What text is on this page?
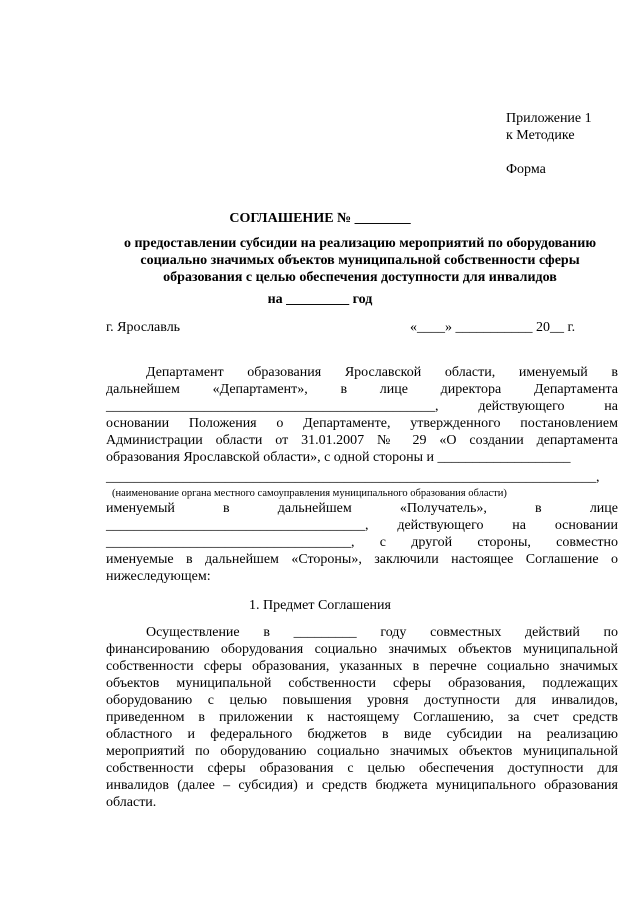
Приложение 1
к Методике
Форма
СОГЛАШЕНИЕ № ________
о предоставлении субсидии на реализацию мероприятий по оборудованию
социально значимых объектов муниципальной собственности сферы
образования с целью обеспечения доступности для инвалидов
на _________ год
г. Ярославль	«____» ___________ 20__ г.
Департамент образования Ярославской области, именуемый в
дальнейшем «Департамент», в лице директора Департамента
_______________________________________________, действующего на
основании Положения о Департаменте, утвержденного постановлением
Администрации области от 31.01.2007 № 29 «О создании департамента
образования Ярославской области», с одной стороны и ___________________
______________________________________________________________________,
(наименование органа местного самоуправления муниципального образования области)
именуемый в дальнейшем «Получатель», в лице
_____________________________________, действующего на основании
___________________________________, с другой стороны, совместно
именуемые в дальнейшем «Стороны», заключили настоящее Соглашение о
нижеследующем:
1. Предмет Соглашения
Осуществление в _________ году совместных действий по
финансированию оборудования социально значимых объектов муниципальной
собственности сферы образования, указанных в перечне социально значимых
объектов муниципальной собственности сферы образования, подлежащих
оборудованию с целью повышения уровня доступности для инвалидов,
приведенном в приложении к настоящему Соглашению, за счет средств
областного и федерального бюджетов в виде субсидии на реализацию
мероприятий по оборудованию социально значимых объектов муниципальной
собственности сферы образования с целью обеспечения доступности для
инвалидов (далее – субсидия) и средств бюджета муниципального образования
области.
